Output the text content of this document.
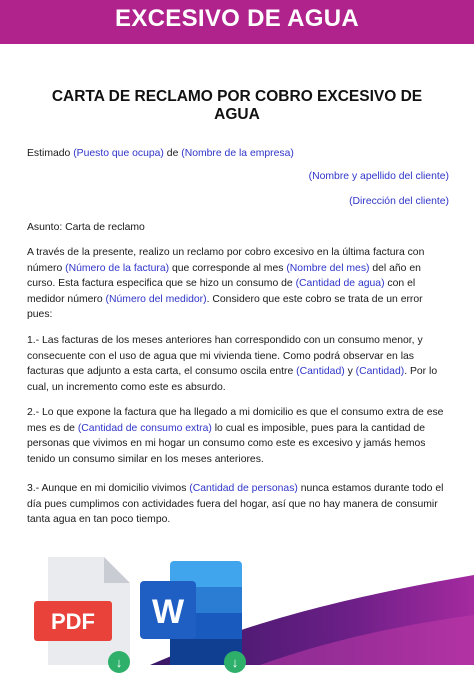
EXCESIVO DE AGUA
CARTA DE RECLAMO POR COBRO EXCESIVO DE AGUA
Estimado (Puesto que ocupa) de (Nombre de la empresa)
(Nombre y apellido del cliente)
(Dirección del cliente)
Asunto: Carta de reclamo
A través de la presente, realizo un reclamo por cobro excesivo en la última factura con número (Número de la factura) que corresponde al mes (Nombre del mes) del año en curso. Esta factura especifica que se hizo un consumo de (Cantidad de agua) con el medidor número (Número del medidor). Considero que este cobro se trata de un error pues:
1.- Las facturas de los meses anteriores han correspondido con un consumo menor, y consecuente con el uso de agua que mi vivienda tiene. Como podrá observar en las facturas que adjunto a esta carta, el consumo oscila entre (Cantidad) y (Cantidad). Por lo cual, un incremento como este es absurdo.
2.- Lo que expone la factura que ha llegado a mi domicilio es que el consumo extra de ese mes es de (Cantidad de consumo extra) lo cual es imposible, pues para la cantidad de personas que vivimos en mi hogar un consumo como este es excesivo y jamás hemos tenido un consumo similar en los meses anteriores.
3.- Aunque en mi domicilio vivimos (Cantidad de personas) nunca estamos durante todo el día pues cumplimos con actividades fuera del hogar, así que no hay manera de consumir tanta agua en tan poco tiempo.
PDF
↓
W
↓
